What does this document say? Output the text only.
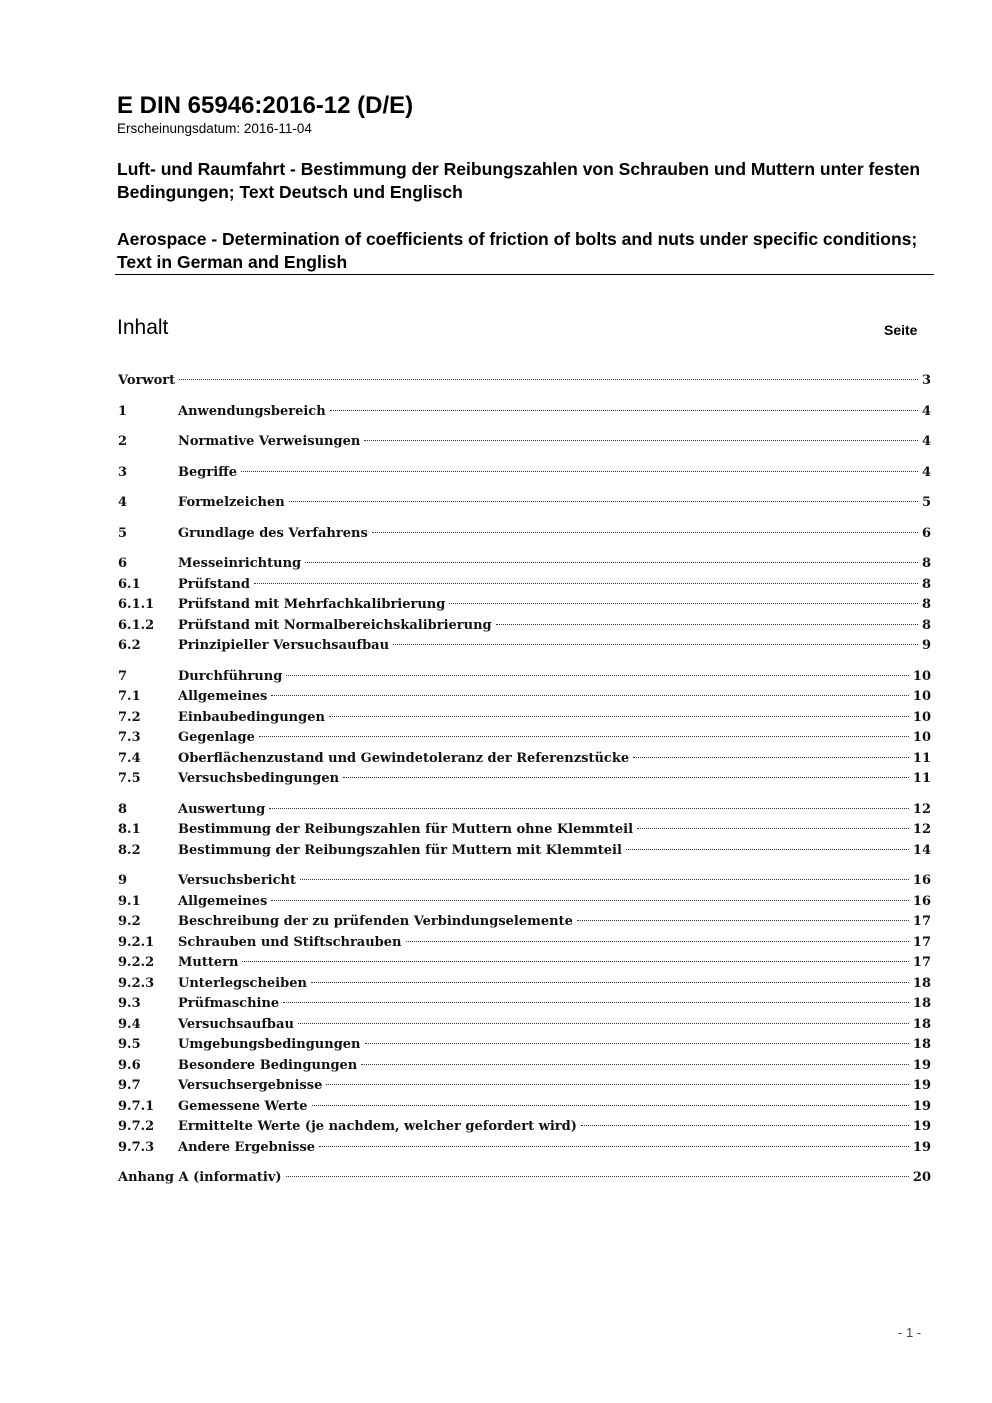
E DIN 65946:2016-12 (D/E)
Erscheinungsdatum: 2016-11-04
Luft- und Raumfahrt - Bestimmung der Reibungszahlen von Schrauben und Muttern unter festen Bedingungen; Text Deutsch und Englisch
Aerospace - Determination of coefficients of friction of bolts and nuts under specific conditions; Text in German and English
Inhalt	Seite
Vorwort	3
1	Anwendungsbereich	4
2	Normative Verweisungen	4
3	Begriffe	4
4	Formelzeichen	5
5	Grundlage des Verfahrens	6
6	Messeinrichtung	8
6.1	Prüfstand	8
6.1.1	Prüfstand mit Mehrfachkalibrierung	8
6.1.2	Prüfstand mit Normalbereichskalibrierung	8
6.2	Prinzipieller Versuchsaufbau	9
7	Durchführung	10
7.1	Allgemeines	10
7.2	Einbaubedingungen	10
7.3	Gegenlage	10
7.4	Oberflächenzustand und Gewindetoleranz der Referenzstücke	11
7.5	Versuchsbedingungen	11
8	Auswertung	12
8.1	Bestimmung der Reibungszahlen für Muttern ohne Klemmteil	12
8.2	Bestimmung der Reibungszahlen für Muttern mit Klemmteil	14
9	Versuchsbericht	16
9.1	Allgemeines	16
9.2	Beschreibung der zu prüfenden Verbindungselemente	17
9.2.1	Schrauben und Stiftschrauben	17
9.2.2	Muttern	17
9.2.3	Unterlegscheiben	18
9.3	Prüfmaschine	18
9.4	Versuchsaufbau	18
9.5	Umgebungsbedingungen	18
9.6	Besondere Bedingungen	19
9.7	Versuchsergebnisse	19
9.7.1	Gemessene Werte	19
9.7.2	Ermittelte Werte (je nachdem, welcher gefordert wird)	19
9.7.3	Andere Ergebnisse	19
Anhang A (informativ)	20
- 1 -
